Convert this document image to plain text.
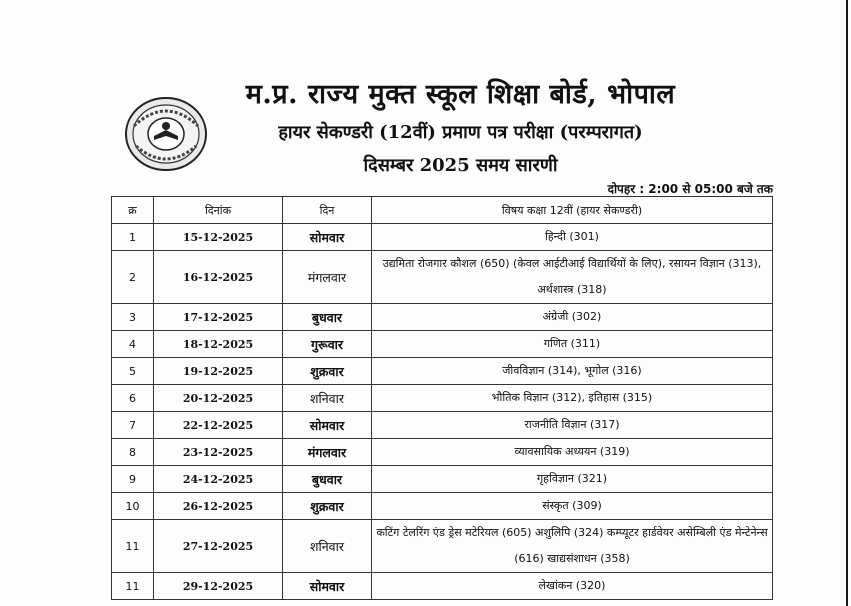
म.प्र. राज्य मुक्त स्कूल शिक्षा बोर्ड, भोपाल
हायर सेकण्डरी (12वीं) प्रमाण पत्र परीक्षा (परम्परागत)
दिसम्बर 2025 समय सारणी
दोपहर : 2:00 से 05:00 बजे तक
क्र	दिनांक	दिन	विषय कक्षा 12वीं (हायर सेकण्डरी)
1	15-12-2025	सोमवार	हिन्दी (301)
2	16-12-2025	मंगलवार	उद्यमिता रोजगार कौशल (650) (केवल आईटीआई विद्यार्थियों के लिए), रसायन विज्ञान (313), अर्थशास्त्र (318)
3	17-12-2025	बुधवार	अंग्रेजी (302)
4	18-12-2025	गुरूवार	गणित (311)
5	19-12-2025	शुक्रवार	जीवविज्ञान (314), भूगोल (316)
6	20-12-2025	शनिवार	भौतिक विज्ञान (312), इतिहास (315)
7	22-12-2025	सोमवार	राजनीति विज्ञान (317)
8	23-12-2025	मंगलवार	व्यावसायिक अध्ययन (319)
9	24-12-2025	बुधवार	गृहविज्ञान (321)
10	26-12-2025	शुक्रवार	संस्कृत (309)
11	27-12-2025	शनिवार	कटिंग टेलरिंग एंड ड्रेस मटेरियल (605) अशुलिपि (324) कम्प्यूटर हार्डवेयर असेम्बिली एंड मेन्टेनेन्स (616) खाद्यसंशाधन (358)
11	29-12-2025	सोमवार	लेखांकन (320)
